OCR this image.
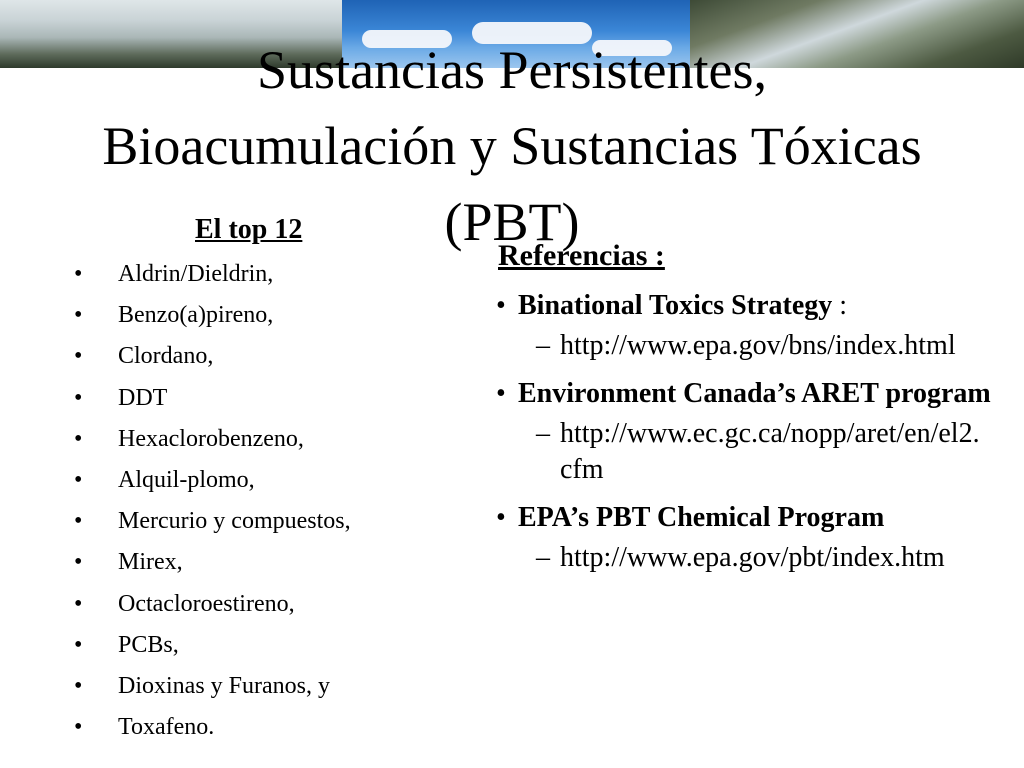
Sustancias Persistentes, Bioacumulación y Sustancias Tóxicas (PBT)
El top 12
•	Aldrin/Dieldrin,
•	Benzo(a)pireno,
•	Clordano,
•	DDT
•	Hexaclorobenzeno,
•	Alquil-plomo,
•	Mercurio y compuestos,
•	Mirex,
•	Octacloroestireno,
•	PCBs,
•	Dioxinas y Furanos, y
•	Toxafeno.
Referencias :
• Binational Toxics Strategy :
– http://www.epa.gov/bns/index.html
• Environment Canada’s ARET program
– http://www.ec.gc.ca/nopp/aret/en/el2.cfm
• EPA’s PBT Chemical Program
– http://www.epa.gov/pbt/index.htm
